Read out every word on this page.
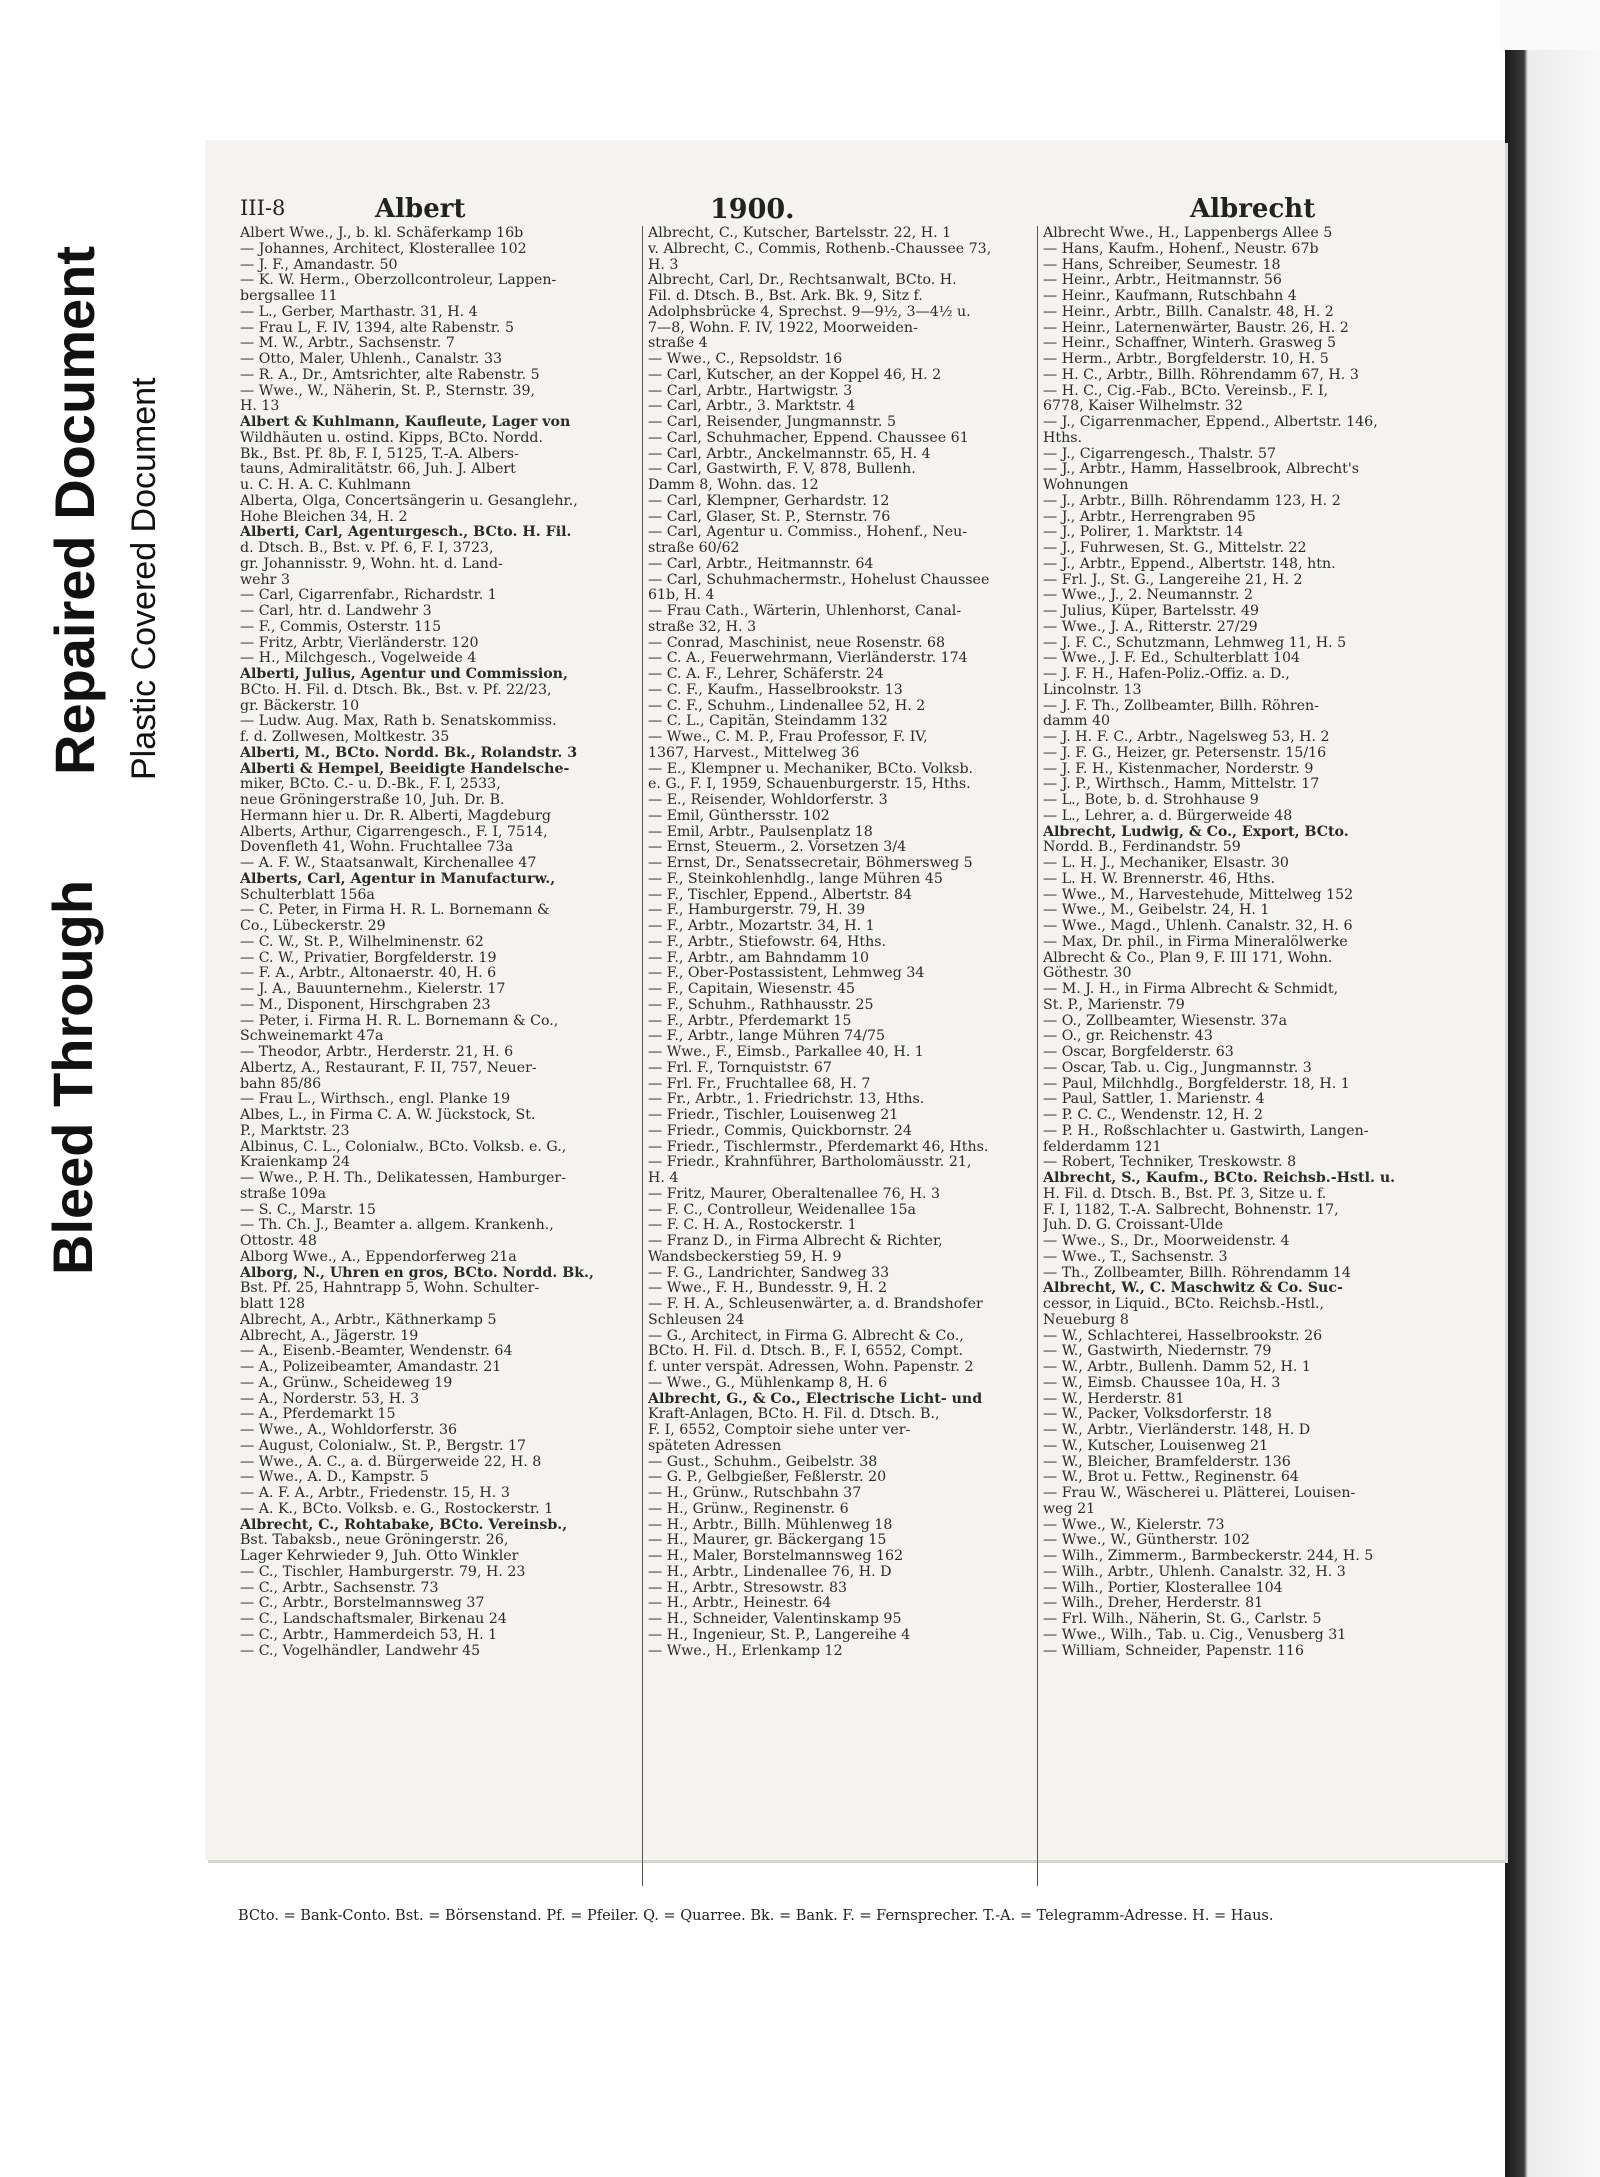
Bleed Through
Repaired Document Plastic Covered Document
III-8	Albert	1900.	Albrecht
Albert Wwe., J., b. kl. Schäferkamp 16b
— Johannes, Architect, Klosterallee 102
— J. F., Amandastr. 50
— K. W. Herm., Oberzollcontroleur, Lappen-
bergsallee 11
— L., Gerber, Marthastr. 31, H. 4
— Frau L, F. IV, 1394, alte Rabenstr. 5
— M. W., Arbtr., Sachsenstr. 7
— Otto, Maler, Uhlenh., Canalstr. 33
— R. A., Dr., Amtsrichter, alte Rabenstr. 5
— Wwe., W., Näherin, St. P., Sternstr. 39,
H. 13
Albert & Kuhlmann, Kaufleute, Lager von
Wildhäuten u. ostind. Kipps, BCto. Nordd.
Bk., Bst. Pf. 8b, F. I, 5125, T.-A. Albers-
tauns, Admiralitätstr. 66, Juh. J. Albert
u. C. H. A. C. Kuhlmann
Alberta, Olga, Concertsängerin u. Gesanglehr.,
Hohe Bleichen 34, H. 2
Alberti, Carl, Agenturgesch., BCto. H. Fil.
d. Dtsch. B., Bst. v. Pf. 6, F. I, 3723,
gr. Johannisstr. 9, Wohn. ht. d. Land-
wehr 3
— Carl, Cigarrenfabr., Richardstr. 1
— Carl, htr. d. Landwehr 3
— F., Commis, Osterstr. 115
— Fritz, Arbtr, Vierländerstr. 120
— H., Milchgesch., Vogelweide 4
Alberti, Julius, Agentur und Commission,
BCto. H. Fil. d. Dtsch. Bk., Bst. v. Pf. 22/23,
gr. Bäckerstr. 10
— Ludw. Aug. Max, Rath b. Senatskommiss.
f. d. Zollwesen, Moltkestr. 35
Alberti, M., BCto. Nordd. Bk., Rolandstr. 3
Alberti & Hempel, Beeidigte Handelsche-
miker, BCto. C.- u. D.-Bk., F. I, 2533,
neue Gröningerstraße 10, Juh. Dr. B.
Hermann hier u. Dr. R. Alberti, Magdeburg
Alberts, Arthur, Cigarrengesch., F. I, 7514,
Dovenfleth 41, Wohn. Fruchtallee 73a
— A. F. W., Staatsanwalt, Kirchenallee 47
Alberts, Carl, Agentur in Manufacturw.,
Schulterblatt 156a
— C. Peter, in Firma H. R. L. Bornemann &
Co., Lübeckerstr. 29
— C. W., St. P., Wilhelminenstr. 62
— C. W., Privatier, Borgfelderstr. 19
— F. A., Arbtr., Altonaerstr. 40, H. 6
— J. A., Bauunternehm., Kielerstr. 17
— M., Disponent, Hirschgraben 23
— Peter, i. Firma H. R. L. Bornemann & Co.,
Schweinemarkt 47a
— Theodor, Arbtr., Herderstr. 21, H. 6
Albertz, A., Restaurant, F. II, 757, Neuer-
bahn 85/86
— Frau L., Wirthsch., engl. Planke 19
Albes, L., in Firma C. A. W. Jückstock, St.
P., Marktstr. 23
Albinus, C. L., Colonialw., BCto. Volksb. e. G.,
Kraienkamp 24
— Wwe., P. H. Th., Delikatessen, Hamburger-
straße 109a
— S. C., Marstr. 15
— Th. Ch. J., Beamter a. allgem. Krankenh.,
Ottostr. 48
Alborg Wwe., A., Eppendorferweg 21a
Alborg, N., Uhren en gros, BCto. Nordd. Bk.,
Bst. Pf. 25, Hahntrapp 5, Wohn. Schulter-
blatt 128
Albrecht, A., Arbtr., Käthnerkamp 5
Albrecht, A., Jägerstr. 19
— A., Eisenb.-Beamter, Wendenstr. 64
— A., Polizeibeamter, Amandastr. 21
— A., Grünw., Scheideweg 19
— A., Norderstr. 53, H. 3
— A., Pferdemarkt 15
— Wwe., A., Wohldorferstr. 36
— August, Colonialw., St. P., Bergstr. 17
— Wwe., A. C., a. d. Bürgerweide 22, H. 8
— Wwe., A. D., Kampstr. 5
— A. F. A., Arbtr., Friedenstr. 15, H. 3
— A. K., BCto. Volksb. e. G., Rostockerstr. 1
Albrecht, C., Rohtabake, BCto. Vereinsb.,
Bst. Tabaksb., neue Gröningerstr. 26,
Lager Kehrwieder 9, Juh. Otto Winkler
— C., Tischler, Hamburgerstr. 79, H. 23
— C., Arbtr., Sachsenstr. 73
— C., Arbtr., Borstelmannsweg 37
— C., Landschaftsmaler, Birkenau 24
— C., Arbtr., Hammerdeich 53, H. 1
— C., Vogelhändler, Landwehr 45
Albrecht, C., Kutscher, Bartelsstr. 22, H. 1
v. Albrecht, C., Commis, Rothenb.-Chaussee 73,
H. 3
Albrecht, Carl, Dr., Rechtsanwalt, BCto. H.
Fil. d. Dtsch. B., Bst. Ark. Bk. 9, Sitz f.
Adolphsbrücke 4, Sprechst. 9—9½, 3—4½ u.
7—8, Wohn. F. IV, 1922, Moorweiden-
straße 4
— Wwe., C., Repsoldstr. 16
— Carl, Kutscher, an der Koppel 46, H. 2
— Carl, Arbtr., Hartwigstr. 3
— Carl, Arbtr., 3. Marktstr. 4
— Carl, Reisender, Jungmannstr. 5
— Carl, Schuhmacher, Eppend. Chaussee 61
— Carl, Arbtr., Anckelmannstr. 65, H. 4
— Carl, Gastwirth, F. V, 878, Bullenh.
Damm 8, Wohn. das. 12
— Carl, Klempner, Gerhardstr. 12
— Carl, Glaser, St. P., Sternstr. 76
— Carl, Agentur u. Commiss., Hohenf., Neu-
straße 60/62
— Carl, Arbtr., Heitmannstr. 64
— Carl, Schuhmachermstr., Hohelust Chaussee
61b, H. 4
— Frau Cath., Wärterin, Uhlenhorst, Canal-
straße 32, H. 3
— Conrad, Maschinist, neue Rosenstr. 68
— C. A., Feuerwehrmann, Vierländerstr. 174
— C. A. F., Lehrer, Schäferstr. 24
— C. F., Kaufm., Hasselbrookstr. 13
— C. F., Schuhm., Lindenallee 52, H. 2
— C. L., Capitän, Steindamm 132
— Wwe., C. M. P., Frau Professor, F. IV,
1367, Harvest., Mittelweg 36
— E., Klempner u. Mechaniker, BCto. Volksb.
e. G., F. I, 1959, Schauenburgerstr. 15, Hths.
— E., Reisender, Wohldorferstr. 3
— Emil, Günthersstr. 102
— Emil, Arbtr., Paulsenplatz 18
— Ernst, Steuerm., 2. Vorsetzen 3/4
— Ernst, Dr., Senatssecretair, Böhmersweg 5
— F., Steinkohlenhdlg., lange Mühren 45
— F., Tischler, Eppend., Albertstr. 84
— F., Hamburgerstr. 79, H. 39
— F., Arbtr., Mozartstr. 34, H. 1
— F., Arbtr., Stiefowstr. 64, Hths.
— F., Arbtr., am Bahndamm 10
— F., Ober-Postassistent, Lehmweg 34
— F., Capitain, Wiesenstr. 45
— F., Schuhm., Rathhausstr. 25
— F., Arbtr., Pferdemarkt 15
— F., Arbtr., lange Mühren 74/75
— Wwe., F., Eimsb., Parkallee 40, H. 1
— Frl. F., Tornquiststr. 67
— Frl. Fr., Fruchtallee 68, H. 7
— Fr., Arbtr., 1. Friedrichstr. 13, Hths.
— Friedr., Tischler, Louisenweg 21
— Friedr., Commis, Quickbornstr. 24
— Friedr., Tischlermstr., Pferdemarkt 46, Hths.
— Friedr., Krahnführer, Bartholomäusstr. 21,
H. 4
— Fritz, Maurer, Oberaltenallee 76, H. 3
— F. C., Controlleur, Weidenallee 15a
— F. C. H. A., Rostockerstr. 1
— Franz D., in Firma Albrecht & Richter,
Wandsbeckerstieg 59, H. 9
— F. G., Landrichter, Sandweg 33
— Wwe., F. H., Bundesstr. 9, H. 2
— F. H. A., Schleusenwärter, a. d. Brandshofer
Schleusen 24
— G., Architect, in Firma G. Albrecht & Co.,
BCto. H. Fil. d. Dtsch. B., F. I, 6552, Compt.
f. unter verspät. Adressen, Wohn. Papenstr. 2
— Wwe., G., Mühlenkamp 8, H. 6
Albrecht, G., & Co., Electrische Licht- und
Kraft-Anlagen, BCto. H. Fil. d. Dtsch. B.,
F. I, 6552, Comptoir siehe unter ver-
späteten Adressen
— Gust., Schuhm., Geibelstr. 38
— G. P., Gelbgießer, Feßlerstr. 20
— H., Grünw., Rutschbahn 37
— H., Grünw., Reginenstr. 6
— H., Arbtr., Billh. Mühlenweg 18
— H., Maurer, gr. Bäckergang 15
— H., Maler, Borstelmannsweg 162
— H., Arbtr., Lindenallee 76, H. D
— H., Arbtr., Stresowstr. 83
— H., Arbtr., Heinestr. 64
— H., Schneider, Valentinskamp 95
— H., Ingenieur, St. P., Langereihe 4
— Wwe., H., Erlenkamp 12
Albrecht Wwe., H., Lappenbergs Allee 5
— Hans, Kaufm., Hohenf., Neustr. 67b
— Hans, Schreiber, Seumestr. 18
— Heinr., Arbtr., Heitmannstr. 56
— Heinr., Kaufmann, Rutschbahn 4
— Heinr., Arbtr., Billh. Canalstr. 48, H. 2
— Heinr., Laternenwärter, Baustr. 26, H. 2
— Heinr., Schaffner, Winterh. Grasweg 5
— Herm., Arbtr., Borgfelderstr. 10, H. 5
— H. C., Arbtr., Billh. Röhrendamm 67, H. 3
— H. C., Cig.-Fab., BCto. Vereinsb., F. I,
6778, Kaiser Wilhelmstr. 32
— J., Cigarrenmacher, Eppend., Albertstr. 146,
Hths.
— J., Cigarrengesch., Thalstr. 57
— J., Arbtr., Hamm, Hasselbrook, Albrecht's
Wohnungen
— J., Arbtr., Billh. Röhrendamm 123, H. 2
— J., Arbtr., Herrengraben 95
— J., Polirer, 1. Marktstr. 14
— J., Fuhrwesen, St. G., Mittelstr. 22
— J., Arbtr., Eppend., Albertstr. 148, htn.
— Frl. J., St. G., Langereihe 21, H. 2
— Wwe., J., 2. Neumannstr. 2
— Julius, Küper, Bartelsstr. 49
— Wwe., J. A., Ritterstr. 27/29
— J. F. C., Schutzmann, Lehmweg 11, H. 5
— Wwe., J. F. Ed., Schulterblatt 104
— J. F. H., Hafen-Poliz.-Offiz. a. D.,
Lincolnstr. 13
— J. F. Th., Zollbeamter, Billh. Röhren-
damm 40
— J. H. F. C., Arbtr., Nagelsweg 53, H. 2
— J. F. G., Heizer, gr. Petersenstr. 15/16
— J. F. H., Kistenmacher, Norderstr. 9
— J. P., Wirthsch., Hamm, Mittelstr. 17
— L., Bote, b. d. Strohhause 9
— L., Lehrer, a. d. Bürgerweide 48
Albrecht, Ludwig, & Co., Export, BCto.
Nordd. B., Ferdinandstr. 59
— L. H. J., Mechaniker, Elsastr. 30
— L. H. W. Brennerstr. 46, Hths.
— Wwe., M., Harvestehude, Mittelweg 152
— Wwe., M., Geibelstr. 24, H. 1
— Wwe., Magd., Uhlenh. Canalstr. 32, H. 6
— Max, Dr. phil., in Firma Mineralölwerke
Albrecht & Co., Plan 9, F. III 171, Wohn.
Göthestr. 30
— M. J. H., in Firma Albrecht & Schmidt,
St. P., Marienstr. 79
— O., Zollbeamter, Wiesenstr. 37a
— O., gr. Reichenstr. 43
— Oscar, Borgfelderstr. 63
— Oscar, Tab. u. Cig., Jungmannstr. 3
— Paul, Milchhdlg., Borgfelderstr. 18, H. 1
— Paul, Sattler, 1. Marienstr. 4
— P. C. C., Wendenstr. 12, H. 2
— P. H., Roßschlachter u. Gastwirth, Langen-
felderdamm 121
— Robert, Techniker, Treskowstr. 8
Albrecht, S., Kaufm., BCto. Reichsb.-Hstl. u.
H. Fil. d. Dtsch. B., Bst. Pf. 3, Sitze u. f.
F. I, 1182, T.-A. Salbrecht, Bohnenstr. 17,
Juh. D. G. Croissant-Ulde
— Wwe., S., Dr., Moorweidenstr. 4
— Wwe., T., Sachsenstr. 3
— Th., Zollbeamter, Billh. Röhrendamm 14
Albrecht, W., C. Maschwitz & Co. Suc-
cessor, in Liquid., BCto. Reichsb.-Hstl.,
Neueburg 8
— W., Schlachterei, Hasselbrookstr. 26
— W., Gastwirth, Niedernstr. 79
— W., Arbtr., Bullenh. Damm 52, H. 1
— W., Eimsb. Chaussee 10a, H. 3
— W., Herderstr. 81
— W., Packer, Volksdorferstr. 18
— W., Arbtr., Vierländerstr. 148, H. D
— W., Kutscher, Louisenweg 21
— W., Bleicher, Bramfelderstr. 136
— W., Brot u. Fettw., Reginenstr. 64
— Frau W., Wäscherei u. Plätterei, Louisen-
weg 21
— Wwe., W., Kielerstr. 73
— Wwe., W., Güntherstr. 102
— Wilh., Zimmerm., Barmbeckerstr. 244, H. 5
— Wilh., Arbtr., Uhlenh. Canalstr. 32, H. 3
— Wilh., Portier, Klosterallee 104
— Wilh., Dreher, Herderstr. 81
— Frl. Wilh., Näherin, St. G., Carlstr. 5
— Wwe., Wilh., Tab. u. Cig., Venusberg 31
— William, Schneider, Papenstr. 116
BCto. = Bank-Conto. Bst. = Börsenstand. Pf. = Pfeiler. Q. = Quarree. Bk. = Bank. F. = Fernsprecher. T.-A. = Telegramm-Adresse. H. = Haus.
